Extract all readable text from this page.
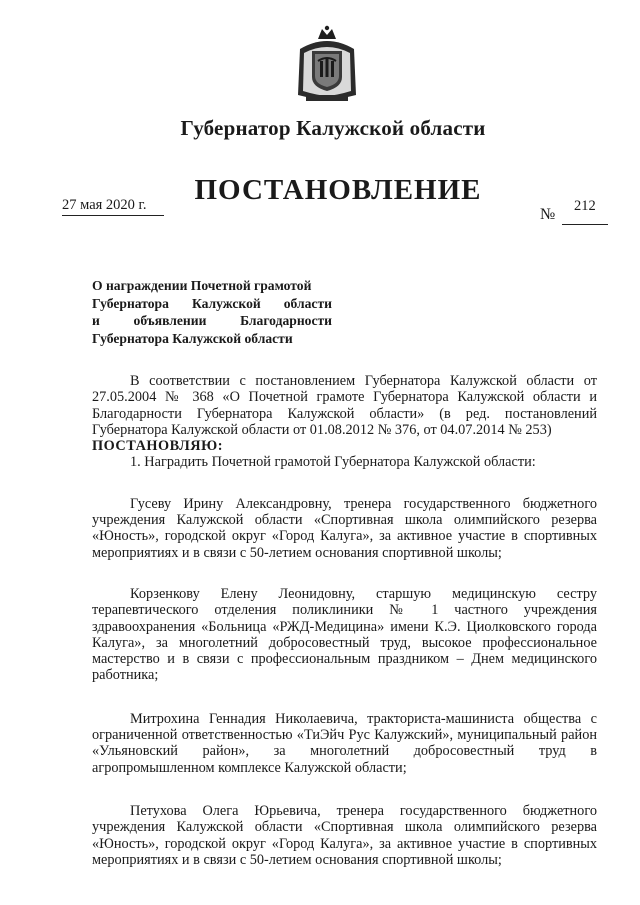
Губернатор Калужской области
ПОСТАНОВЛЕНИЕ
27 мая 2020 г.
№ 212
О награждении Почетной грамотой
Губернатора Калужской области
и объявлении Благодарности
Губернатора Калужской области

В соответствии с постановлением Губернатора Калужской области от 27.05.2004 № 368 «О Почетной грамоте Губернатора Калужской области и Благодарности Губернатора Калужской области» (в ред. постановлений Губернатора Калужской области от 01.08.2012 № 376, от 04.07.2014 № 253)

ПОСТАНОВЛЯЮ:

1. Наградить Почетной грамотой Губернатора Калужской области:

Гусеву Ирину Александровну, тренера государственного бюджетного учреждения Калужской области «Спортивная школа олимпийского резерва «Юность», городской округ «Город Калуга», за активное участие в спортивных мероприятиях и в связи с 50-летием основания спортивной школы;

Корзенкову Елену Леонидовну, старшую медицинскую сестру терапевтического отделения поликлиники № 1 частного учреждения здравоохранения «Больница «РЖД-Медицина» имени К.Э. Циолковского города Калуга», за многолетний добросовестный труд, высокое профессиональное мастерство и в связи с профессиональным праздником – Днем медицинского работника;

Митрохина Геннадия Николаевича, тракториста-машиниста общества с ограниченной ответственностью «ТиЭйч Рус Калужский», муниципальный район «Ульяновский район», за многолетний добросовестный труд в агропромышленном комплексе Калужской области;

Петухова Олега Юрьевича, тренера государственного бюджетного учреждения Калужской области «Спортивная школа олимпийского резерва «Юность», городской округ «Город Калуга», за активное участие в спортивных мероприятиях и в связи с 50-летием основания спортивной школы;
